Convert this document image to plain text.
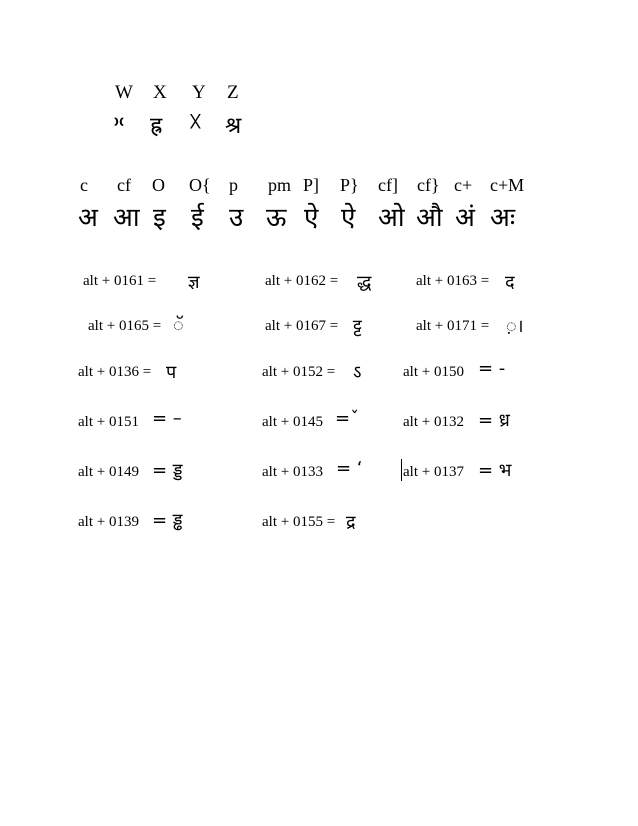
W X Y Z
ᳳ ह्र ᳵ श्र
c cf O O{ p pm P] P} cf] cf} c+ c+M
अ आ इ ई उ ऊ ऐ ऐ ओ औ अं अः
alt + 0161 = ज्ञ	alt + 0162 = द्ध	alt + 0163 = द
alt + 0165 = ॅ	alt + 0167 = ट्ट	alt + 0171 = ़।
alt + 0136 = प	alt + 0152 = ऽ	alt + 0150 = -
alt + 0151 = –	alt + 0145 =ˇ	alt + 0132 = ध्र
alt + 0149 = ड्ड	alt + 0133 = ‘	alt + 0137 = भ
alt + 0139 = ड्ढ	alt + 0155 = द्र
